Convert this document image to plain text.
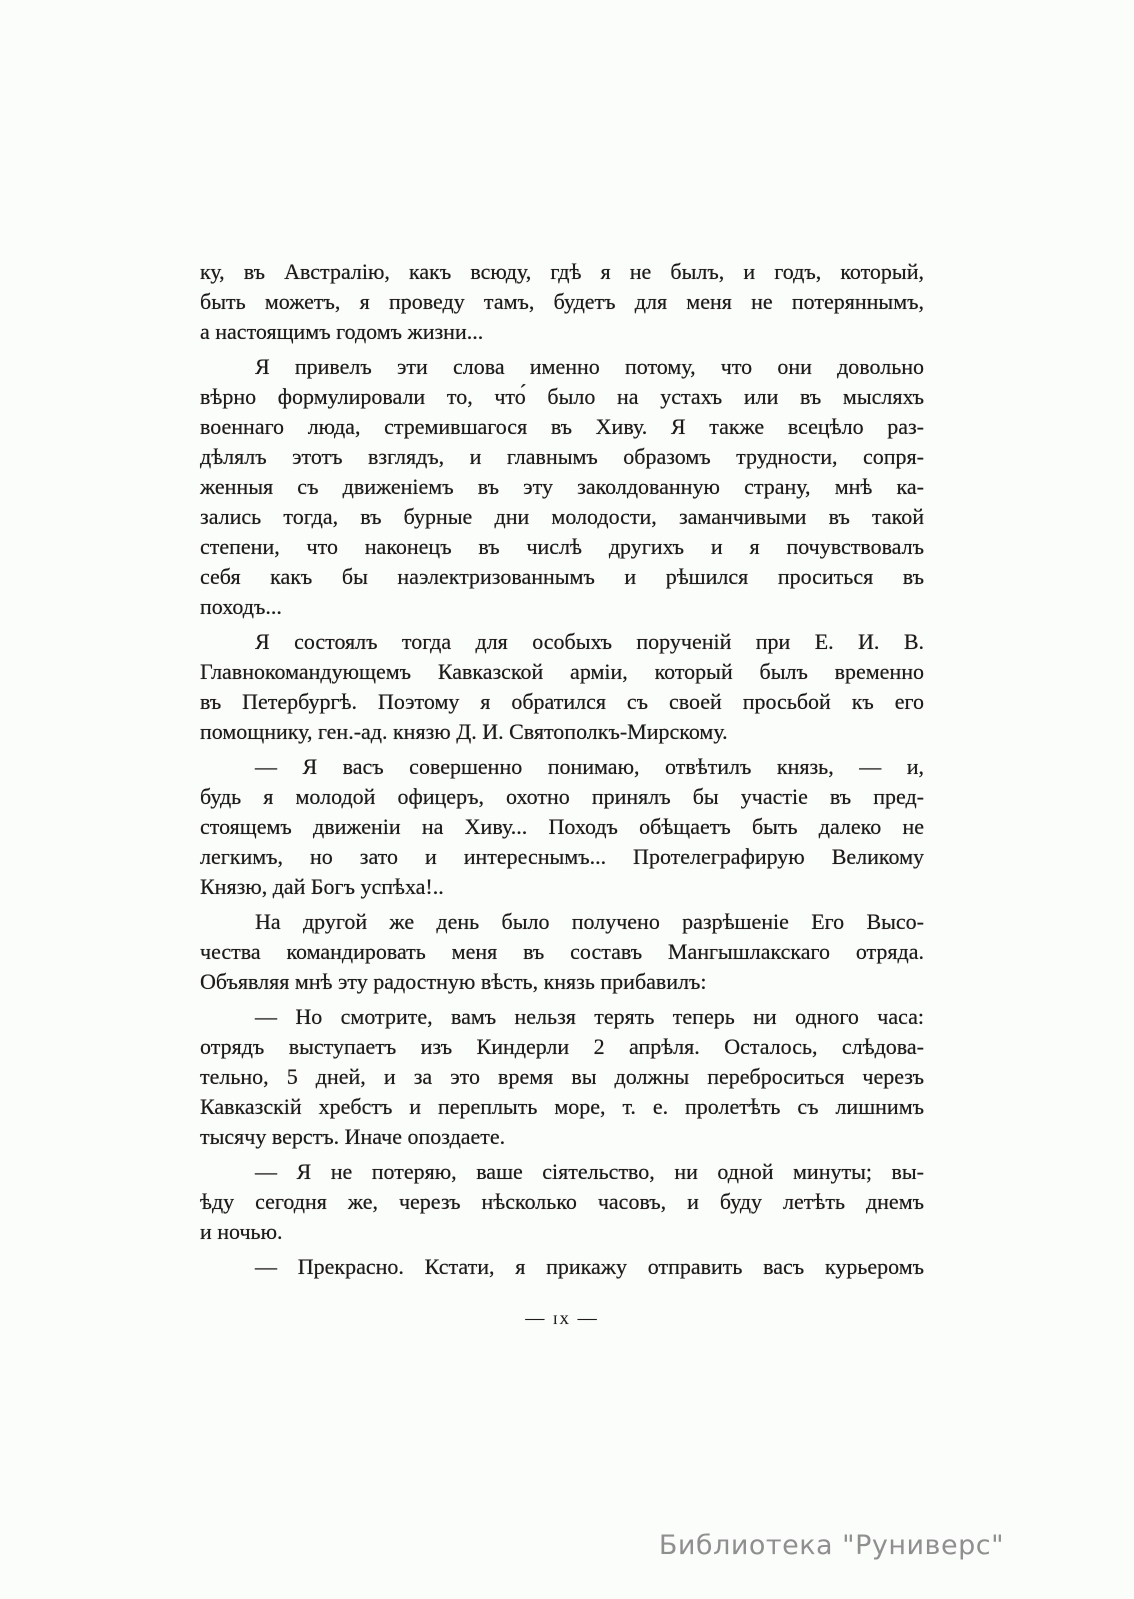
ку, въ Австралію, какъ всюду, гдѣ я не былъ, и годъ, который,
быть можетъ, я проведу тамъ, будетъ для меня не потеряннымъ,
а настоящимъ годомъ жизни...

Я привелъ эти слова именно потому, что они довольно
вѣрно формулировали то, что́ было на устахъ или въ мысляхъ
военнаго люда, стремившагося въ Хиву. Я также всецѣло раз-
дѣлялъ этотъ взглядъ, и главнымъ образомъ трудности, сопря-
женныя съ движеніемъ въ эту заколдованную страну, мнѣ ка-
зались тогда, въ бурные дни молодости, заманчивыми въ такой
степени, что наконецъ въ числѣ другихъ и я почувствовалъ
себя какъ бы наэлектризованнымъ и рѣшился проситься въ
походъ...

Я состоялъ тогда для особыхъ порученій при Е. И. В.
Главнокомандующемъ Кавказской арміи, который былъ временно
въ Петербургѣ. Поэтому я обратился съ своей просьбой къ его
помощнику, ген.-ад. князю Д. И. Святополкъ-Мирскому.

— Я васъ совершенно понимаю, отвѣтилъ князь, — и,
будь я молодой офицеръ, охотно принялъ бы участіе въ пред-
стоящемъ движеніи на Хиву... Походъ обѣщаетъ быть далеко не
легкимъ, но зато и интереснымъ... Протелеграфирую Великому
Князю, дай Богъ успѣха!..

На другой же день было получено разрѣшеніе Его Высо-
чества командировать меня въ составъ Мангышлакскаго отряда.
Объявляя мнѣ эту радостную вѣсть, князь прибавилъ:

— Но смотрите, вамъ нельзя терять теперь ни одного часа:
отрядъ выступаетъ изъ Киндерли 2 апрѣля. Осталось, слѣдова-
тельно, 5 дней, и за это время вы должны переброситься черезъ
Кавказскій хребстъ и переплыть море, т. е. пролетѣть съ лишнимъ
тысячу верстъ. Иначе опоздаете.

— Я не потеряю, ваше сіятельство, ни одной минуты; вы-
ѣду сегодня же, черезъ нѣсколько часовъ, и буду летѣть днемъ
и ночью.

— Прекрасно. Кстати, я прикажу отправить васъ курьеромъ

— ix —
Библиотека "Руниверс"
